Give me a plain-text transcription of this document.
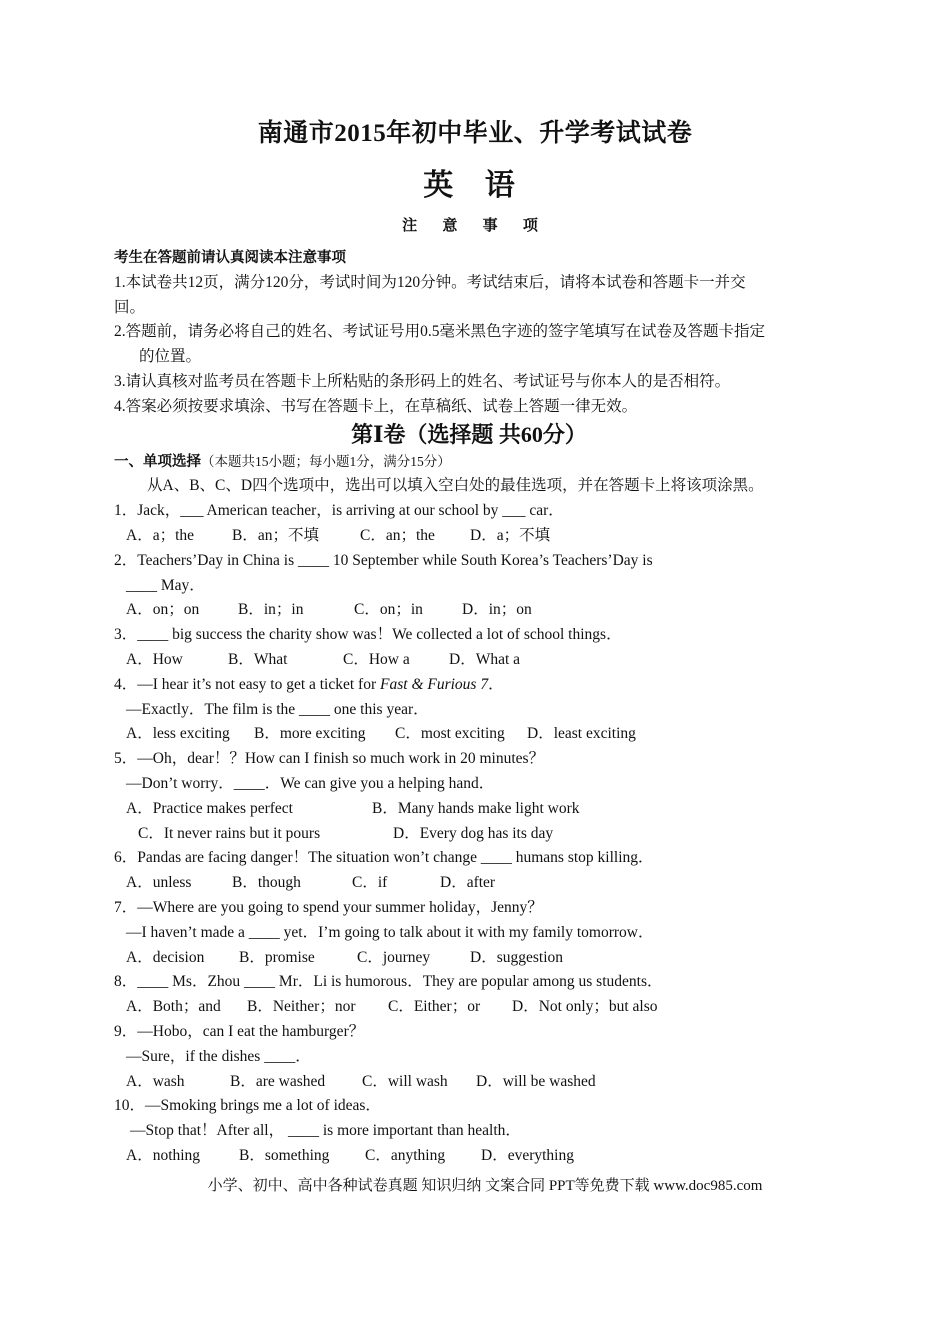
南通市2015年初中毕业、升学考试试卷
英 语
注 意 事 项
考生在答题前请认真阅读本注意事项
1.本试卷共12页，满分120分，考试时间为120分钟。考试结束后，请将本试卷和答题卡一并交
回。
2.答题前，请务必将自己的姓名、考试证号用0.5毫米黑色字迹的签字笔填写在试卷及答题卡指定
的位置。
3.请认真核对监考员在答题卡上所粘贴的条形码上的姓名、考试证号与你本人的是否相符。
4.答案必须按要求填涂、书写在答题卡上，在草稿纸、试卷上答题一律无效。
第Ⅰ卷（选择题 共60分）
一、单项选择（本题共15小题；每小题1分，满分15分）
从A、B、C、D四个选项中，选出可以填入空白处的最佳选项，并在答题卡上将该项涂黑。
1．Jack，___ American teacher，is arriving at our school by ___ car．
A．a；the B．an；不填	C．an；the D．a；不填
2．Teachers’Day in China is ____ 10 September while South Korea’s Teachers’Day is
____ May．
A．on；on	B．in；in	C．on；in	D．in；on
3．____ big success the charity show was！We collected a lot of school things．
A．How	B．What	C．How a	D．What a
4．—I hear it’s not easy to get a ticket for Fast & Furious 7．
—Exactly．The film is the ____ one this year．
A．less exciting B．more exciting C．most exciting D．least exciting
5．—Oh，dear！？How can I finish so much work in 20 minutes？
—Don’t worry．____．We can give you a helping hand．
A．Practice makes perfect	B．Many hands make light work
C．It never rains but it pours	D．Every dog has its day
6．Pandas are facing danger！The situation won’t change ____ humans stop killing．
A．unless	B．though	C．if	D．after
7．—Where are you going to spend your summer holiday，Jenny？
—I haven’t made a ____ yet．I’m going to talk about it with my family tomorrow．
A．decision B．promise	C．journey	D．suggestion
8．____ Ms．Zhou ____ Mr．Li is humorous．They are popular among us students．
A．Both；and B．Neither；nor C．Either；or D．Not only；but also
9．—Hobo，can I eat the hamburger？
—Sure，if the dishes ____．
A．wash	B．are washed C．will wash D．will be washed
10．—Smoking brings me a lot of ideas．
—Stop that！After all， ____ is more important than health．
A．nothing	B．something C．anything D．everything
小学、初中、高中各种试卷真题 知识归纳 文案合同 PPT等免费下载 www.doc985.com
